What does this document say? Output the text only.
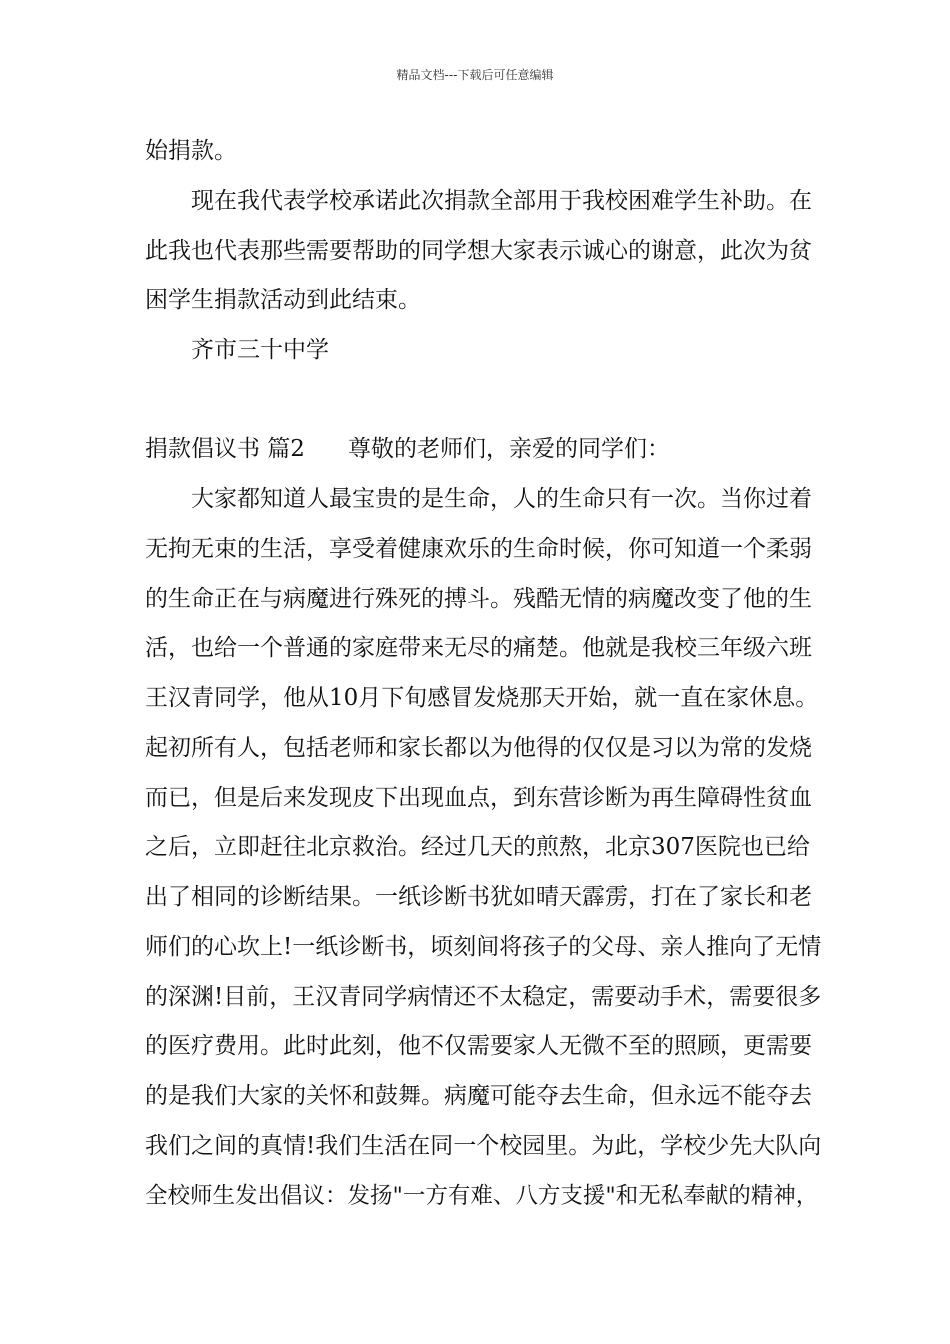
精品文档---下载后可任意编辑
始捐款。
现在我代表学校承诺此次捐款全部用于我校困难学生补助。在
此我也代表那些需要帮助的同学想大家表示诚心的谢意，此次为贫
困学生捐款活动到此结束。
齐市三十中学
捐款倡议书 篇2 尊敬的老师们，亲爱的同学们：
大家都知道人最宝贵的是生命，人的生命只有一次。当你过着
无拘无束的生活，享受着健康欢乐的生命时候，你可知道一个柔弱
的生命正在与病魔进行殊死的搏斗。残酷无情的病魔改变了他的生
活，也给一个普通的家庭带来无尽的痛楚。他就是我校三年级六班
王汉青同学，他从10月下旬感冒发烧那天开始，就一直在家休息。
起初所有人，包括老师和家长都以为他得的仅仅是习以为常的发烧
而已，但是后来发现皮下出现血点，到东营诊断为再生障碍性贫血
之后，立即赶往北京救治。经过几天的煎熬，北京307医院也已给
出了相同的诊断结果。一纸诊断书犹如晴天霹雳，打在了家长和老
师们的心坎上!一纸诊断书，顷刻间将孩子的父母、亲人推向了无情
的深渊!目前，王汉青同学病情还不太稳定，需要动手术，需要很多
的医疗费用。此时此刻，他不仅需要家人无微不至的照顾，更需要
的是我们大家的关怀和鼓舞。病魔可能夺去生命，但永远不能夺去
我们之间的真情!我们生活在同一个校园里。为此，学校少先大队向
全校师生发出倡议：发扬"一方有难、八方支援"和无私奉献的精神，
